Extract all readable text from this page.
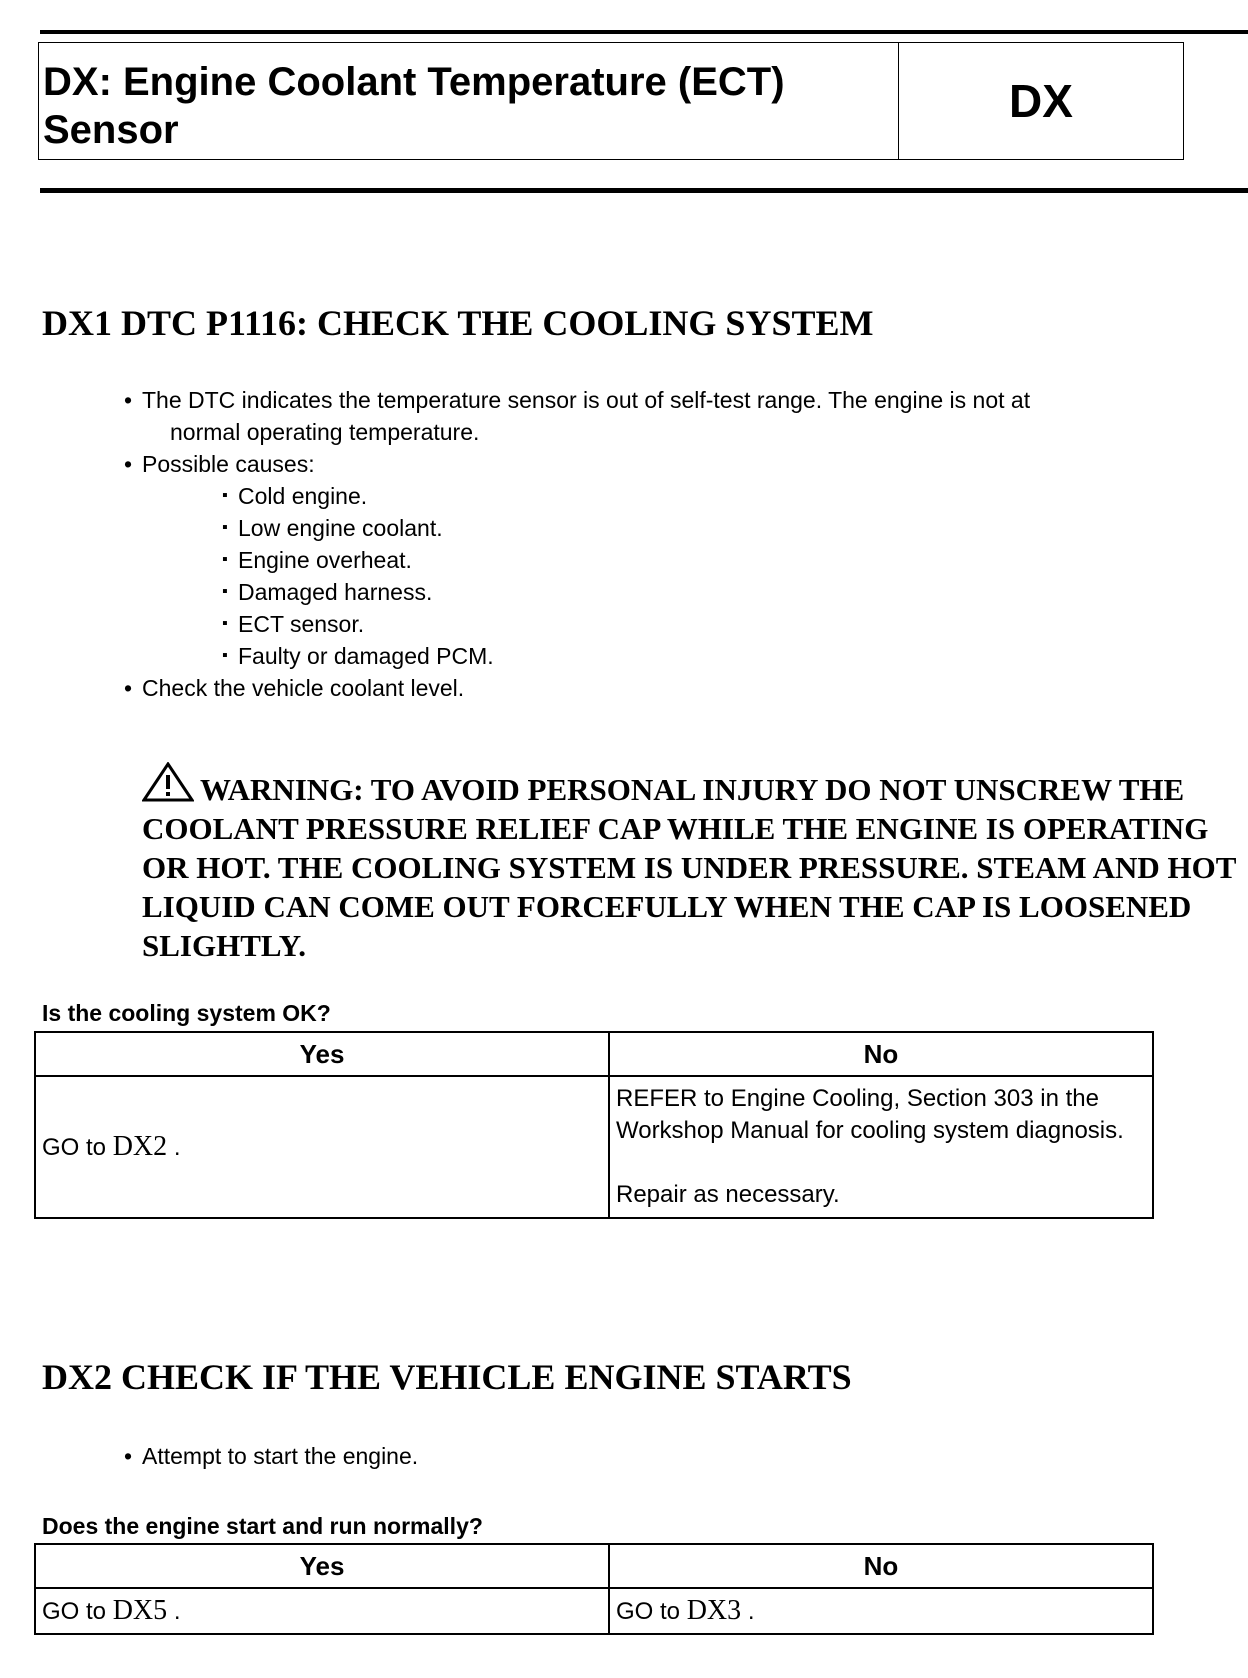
DX: Engine Coolant Temperature (ECT)
Sensor
DX
DX1 DTC P1116: CHECK THE COOLING SYSTEM
• The DTC indicates the temperature sensor is out of self-test range. The engine is not at
normal operating temperature.
• Possible causes:
▪ Cold engine.
▪ Low engine coolant.
▪ Engine overheat.
▪ Damaged harness.
▪ ECT sensor.
▪ Faulty or damaged PCM.
• Check the vehicle coolant level.
WARNING: TO AVOID PERSONAL INJURY DO NOT UNSCREW THE COOLANT PRESSURE RELIEF CAP WHILE THE ENGINE IS OPERATING OR HOT. THE COOLING SYSTEM IS UNDER PRESSURE. STEAM AND HOT LIQUID CAN COME OUT FORCEFULLY WHEN THE CAP IS LOOSENED SLIGHTLY.
Is the cooling system OK?
Yes	No
GO to DX2 .	REFER to Engine Cooling, Section 303 in the Workshop Manual for cooling system diagnosis.

Repair as necessary.

DX2 CHECK IF THE VEHICLE ENGINE STARTS
• Attempt to start the engine.
Does the engine start and run normally?
Yes	No
GO to DX5 .	GO to DX3 .
